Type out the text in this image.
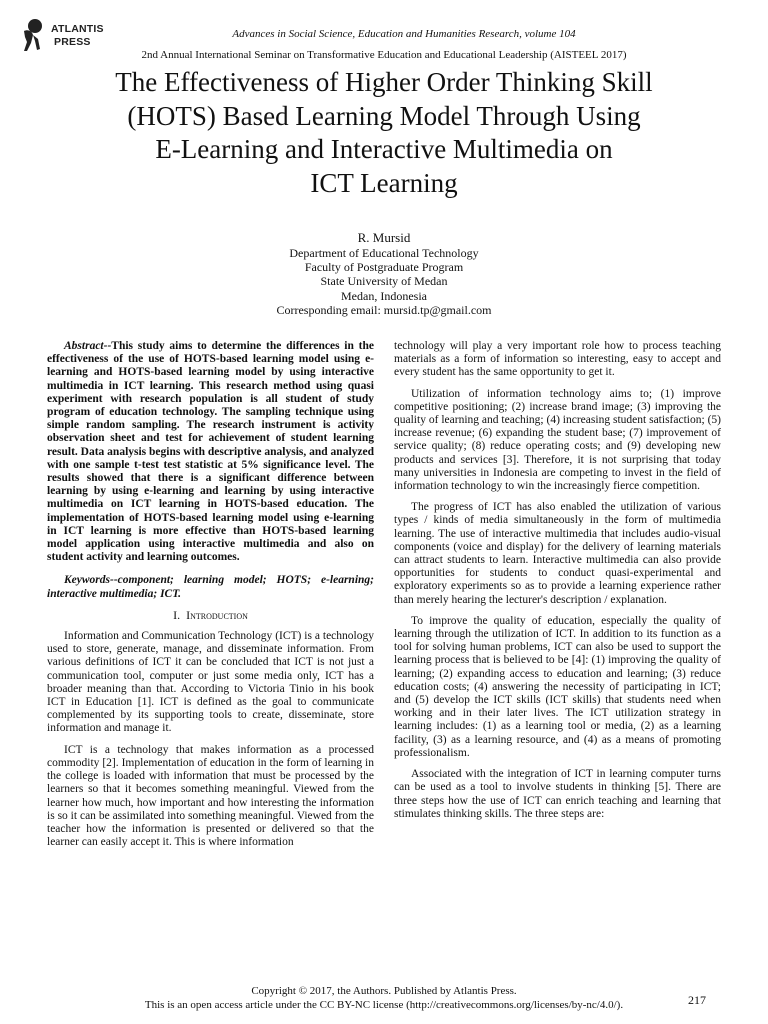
ATLANTIS
PRESS
Advances in Social Science, Education and Humanities Research, volume 104
2nd Annual International Seminar on Transformative Education and Educational Leadership (AISTEEL 2017)
The Effectiveness of Higher Order Thinking Skill
(HOTS) Based Learning Model Through Using
E-Learning and Interactive Multimedia on
ICT Learning
R. Mursid
Department of Educational Technology
Faculty of Postgraduate Program
State University of Medan
Medan, Indonesia
Corresponding email: mursid.tp@gmail.com

Abstract--This study aims to determine the differences in the effectiveness of the use of HOTS-based learning model using e-learning and HOTS-based learning model by using interactive multimedia in ICT learning. This research method using quasi experiment with research population is all student of study program of education technology. The sampling technique using simple random sampling. The research instrument is activity observation sheet and test for achievement of student learning result. Data analysis begins with descriptive analysis, and analyzed with one sample t-test test statistic at 5% significance level. The results showed that there is a significant difference between learning by using e-learning and learning by using interactive multimedia on ICT learning in HOTS-based education. The implementation of HOTS-based learning model using e-learning in ICT learning is more effective than HOTS-based learning model application using interactive multimedia and also on student activity and learning outcomes.

Keywords--component; learning model; HOTS; e-learning; interactive multimedia; ICT.

I. Introduction

Information and Communication Technology (ICT) is a technology used to store, generate, manage, and disseminate information. From various definitions of ICT it can be concluded that ICT is not just a communication tool, computer or just some media only, ICT has a broader meaning than that. According to Victoria Tinio in his book ICT in Education [1]. ICT is defined as the goal to communicate complemented by its supporting tools to create, disseminate, store information and manage it.

ICT is a technology that makes information as a processed commodity [2]. Implementation of education in the form of learning in the college is loaded with information that must be processed by the learners so that it becomes something meaningful. Viewed from the learner how much, how important and how interesting the information is so it can be assimilated into something meaningful. Viewed from the teacher how the information is presented or delivered so that the learner can easily accept it. This is where information

technology will play a very important role how to process teaching materials as a form of information so interesting, easy to accept and every student has the same opportunity to get it.

Utilization of information technology aims to; (1) improve competitive positioning; (2) increase brand image; (3) improving the quality of learning and teaching; (4) increasing student satisfaction; (5) increase revenue; (6) expanding the student base; (7) improvement of service quality; (8) reduce operating costs; and (9) developing new products and services [3]. Therefore, it is not surprising that today many universities in Indonesia are competing to invest in the field of information technology to win the increasingly fierce competition.

The progress of ICT has also enabled the utilization of various types / kinds of media simultaneously in the form of multimedia learning. The use of interactive multimedia that includes audio-visual components (voice and display) for the delivery of learning materials can attract students to learn. Interactive multimedia can also provide opportunities for students to conduct quasi-experimental and exploratory experiments so as to provide a learning experience rather than merely hearing the lecturer's description / explanation.

To improve the quality of education, especially the quality of learning through the utilization of ICT. In addition to its function as a tool for solving human problems, ICT can also be used to support the learning process that is believed to be [4]: (1) improving the quality of learning; (2) expanding access to education and learning; (3) reduce education costs; (4) answering the necessity of participating in ICT; and (5) develop the ICT skills (ICT skills) that students need when working and in their later lives. The ICT utilization strategy in learning includes: (1) as a learning tool or media, (2) as a learning facility, (3) as a learning resource, and (4) as a means of promoting professionalism.

Associated with the integration of ICT in learning computer turns can be used as a tool to involve students in thinking [5]. There are three steps how the use of ICT can enrich teaching and learning that stimulates thinking skills. The three steps are:

Copyright © 2017, the Authors. Published by Atlantis Press.
This is an open access article under the CC BY-NC license (http://creativecommons.org/licenses/by-nc/4.0/).	217
